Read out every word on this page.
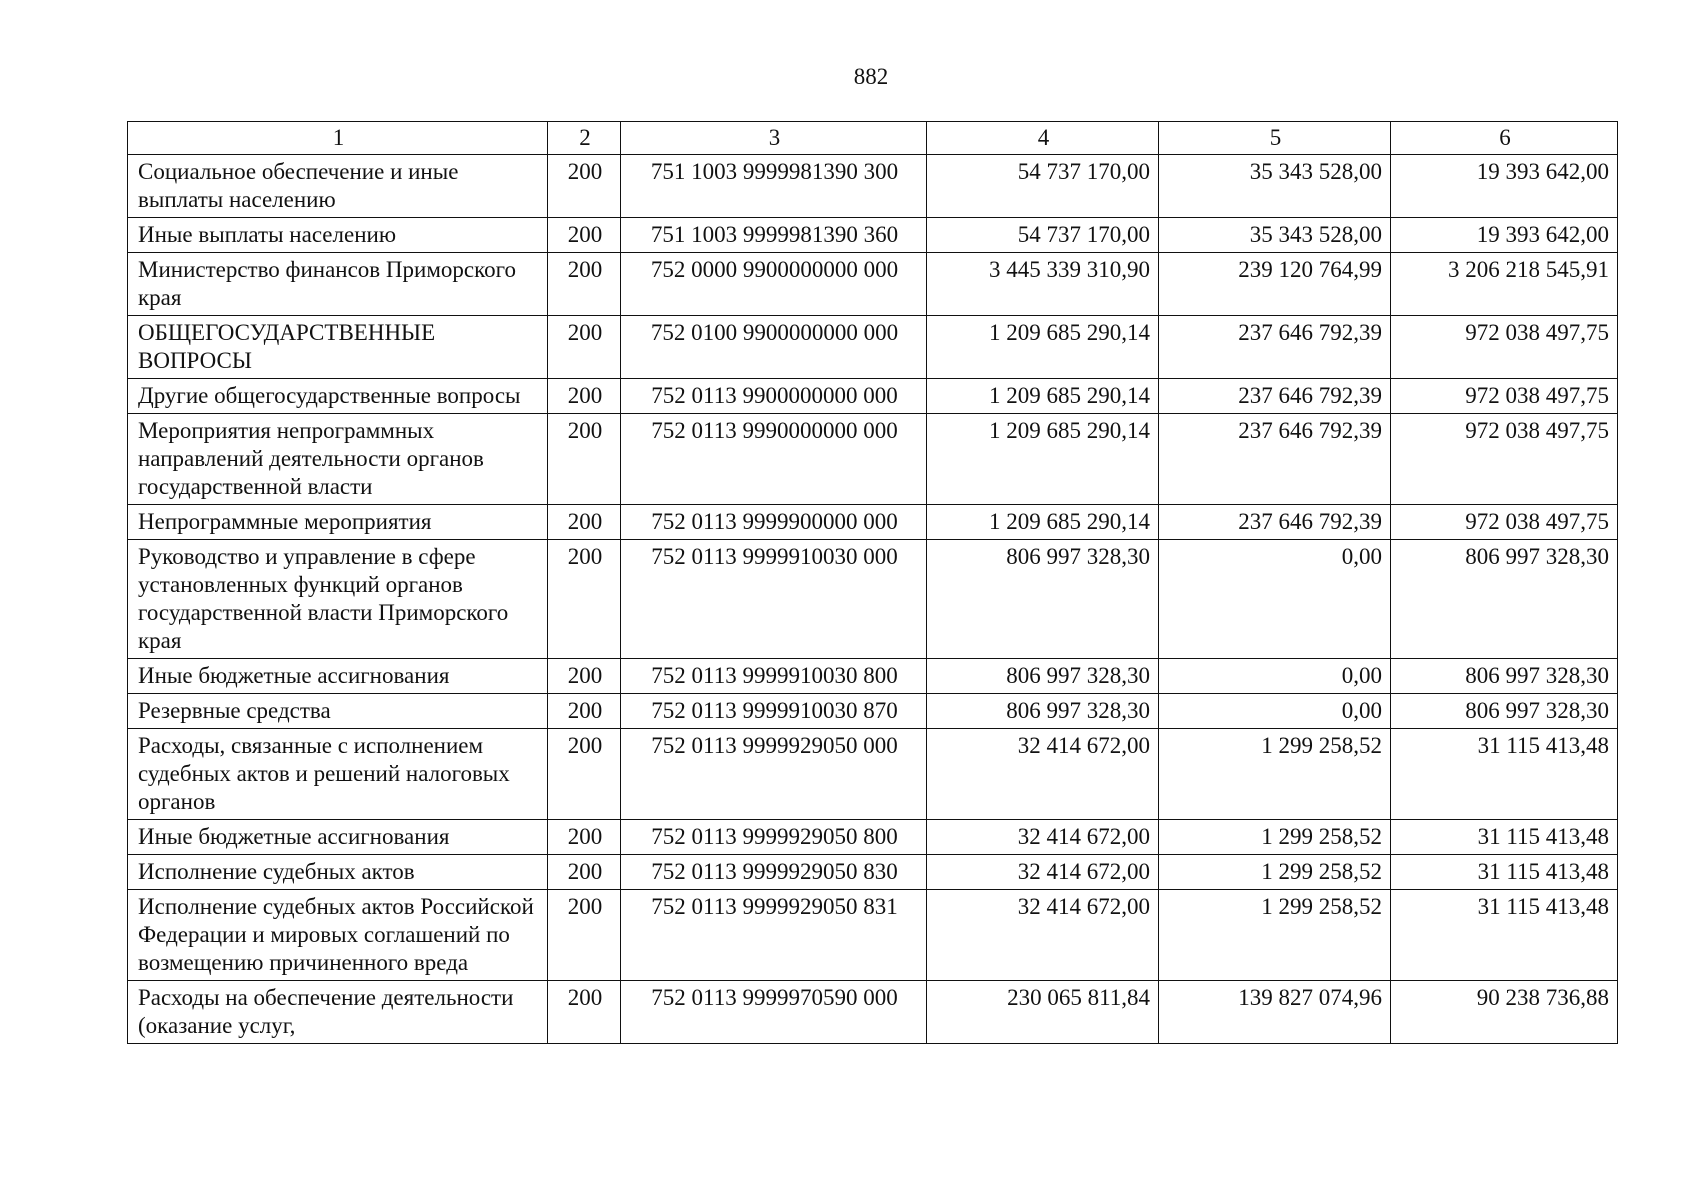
882
1	2	3	4	5	6
Социальное обеспечение и иные выплаты населению	200	751 1003 9999981390 300	54 737 170,00	35 343 528,00	19 393 642,00
Иные выплаты населению	200	751 1003 9999981390 360	54 737 170,00	35 343 528,00	19 393 642,00
Министерство финансов Приморского края	200	752 0000 9900000000 000	3 445 339 310,90	239 120 764,99	3 206 218 545,91
ОБЩЕГОСУДАРСТВЕННЫЕ ВОПРОСЫ	200	752 0100 9900000000 000	1 209 685 290,14	237 646 792,39	972 038 497,75
Другие общегосударственные вопросы	200	752 0113 9900000000 000	1 209 685 290,14	237 646 792,39	972 038 497,75
Мероприятия непрограммных направлений деятельности органов государственной власти	200	752 0113 9990000000 000	1 209 685 290,14	237 646 792,39	972 038 497,75
Непрограммные мероприятия	200	752 0113 9999900000 000	1 209 685 290,14	237 646 792,39	972 038 497,75
Руководство и управление в сфере установленных функций органов государственной власти Приморского края	200	752 0113 9999910030 000	806 997 328,30	0,00	806 997 328,30
Иные бюджетные ассигнования	200	752 0113 9999910030 800	806 997 328,30	0,00	806 997 328,30
Резервные средства	200	752 0113 9999910030 870	806 997 328,30	0,00	806 997 328,30
Расходы, связанные с исполнением судебных актов и решений налоговых органов	200	752 0113 9999929050 000	32 414 672,00	1 299 258,52	31 115 413,48
Иные бюджетные ассигнования	200	752 0113 9999929050 800	32 414 672,00	1 299 258,52	31 115 413,48
Исполнение судебных актов	200	752 0113 9999929050 830	32 414 672,00	1 299 258,52	31 115 413,48
Исполнение судебных актов Российской Федерации и мировых соглашений по возмещению причиненного вреда	200	752 0113 9999929050 831	32 414 672,00	1 299 258,52	31 115 413,48
Расходы на обеспечение деятельности (оказание услуг,	200	752 0113 9999970590 000	230 065 811,84	139 827 074,96	90 238 736,88
